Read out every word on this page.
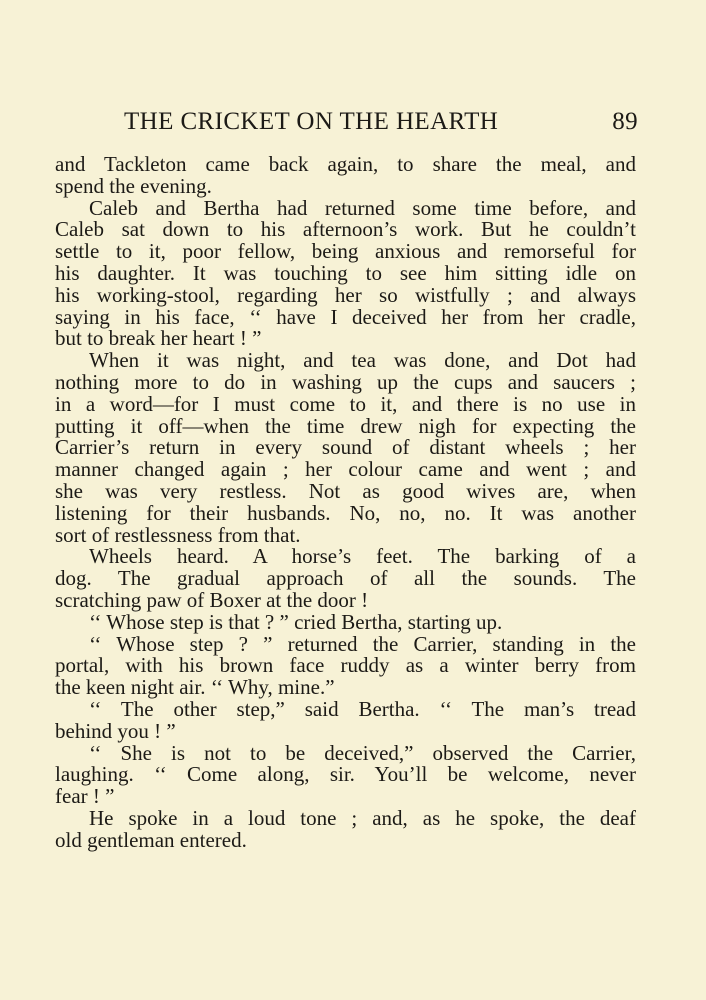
THE CRICKET ON THE HEARTH	89
and Tackleton came back again, to share the meal, and
spend the evening.
Caleb and Bertha had returned some time before, and
Caleb sat down to his afternoon’s work. But he couldn’t
settle to it, poor fellow, being anxious and remorseful for
his daughter. It was touching to see him sitting idle on
his working-stool, regarding her so wistfully ; and always
saying in his face, ‘‘ have I deceived her from her cradle,
but to break her heart ! ”
When it was night, and tea was done, and Dot had
nothing more to do in washing up the cups and saucers ;
in a word—for I must come to it, and there is no use in
putting it off—when the time drew nigh for expecting the
Carrier’s return in every sound of distant wheels ; her
manner changed again ; her colour came and went ; and
she was very restless. Not as good wives are, when
listening for their husbands. No, no, no. It was another
sort of restlessness from that.
Wheels heard. A horse’s feet. The barking of a
dog. The gradual approach of all the sounds. The
scratching paw of Boxer at the door !
‘‘ Whose step is that ? ” cried Bertha, starting up.
‘‘ Whose step ? ” returned the Carrier, standing in the
portal, with his brown face ruddy as a winter berry from
the keen night air. ‘‘ Why, mine.”
‘‘ The other step,” said Bertha. ‘‘ The man’s tread
behind you ! ”
‘‘ She is not to be deceived,” observed the Carrier,
laughing. ‘‘ Come along, sir. You’ll be welcome, never
fear ! ”
He spoke in a loud tone ; and, as he spoke, the deaf
old gentleman entered.
